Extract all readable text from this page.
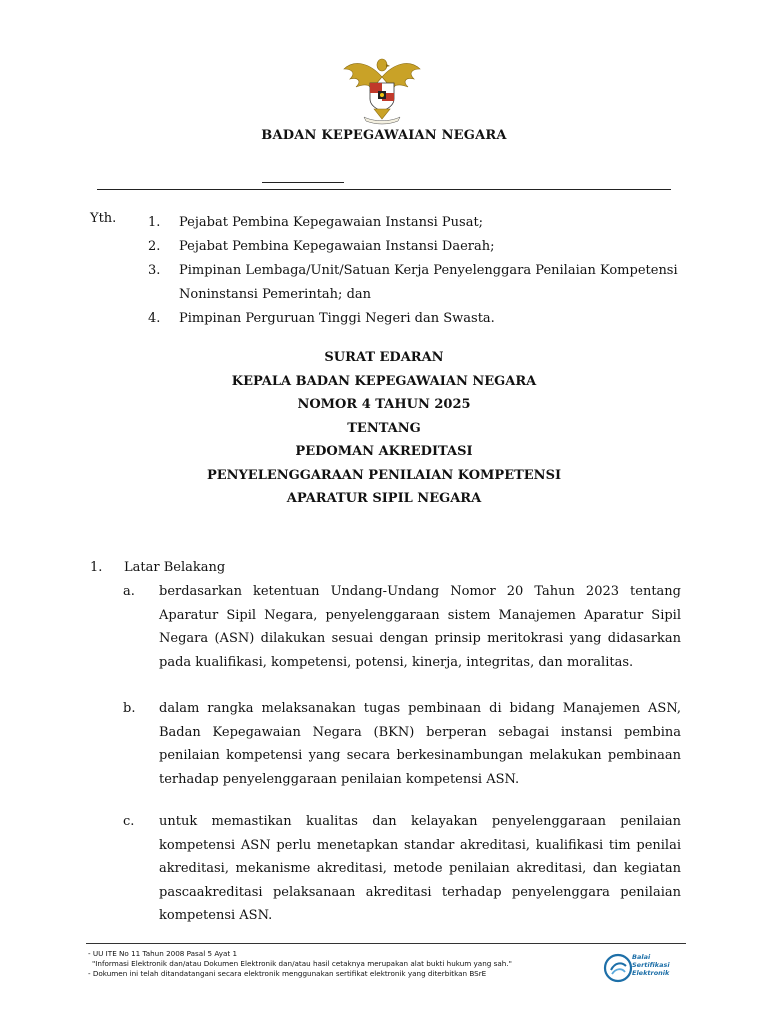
BADAN KEPEGAWAIAN NEGARA
Yth. 1. Pejabat Pembina Kepegawaian Instansi Pusat;
2. Pejabat Pembina Kepegawaian Instansi Daerah;
3. Pimpinan Lembaga/Unit/Satuan Kerja Penyelenggara Penilaian Kompetensi Noninstansi Pemerintah; dan
4. Pimpinan Perguruan Tinggi Negeri dan Swasta.
SURAT EDARAN
KEPALA BADAN KEPEGAWAIAN NEGARA
NOMOR 4 TAHUN 2025
TENTANG
PEDOMAN AKREDITASI
PENYELENGGARAAN PENILAIAN KOMPETENSI
APARATUR SIPIL NEGARA
1. Latar Belakang
a. berdasarkan ketentuan Undang-Undang Nomor 20 Tahun 2023 tentang Aparatur Sipil Negara, penyelenggaraan sistem Manajemen Aparatur Sipil Negara (ASN) dilakukan sesuai dengan prinsip meritokrasi yang didasarkan pada kualifikasi, kompetensi, potensi, kinerja, integritas, dan moralitas.
b. dalam rangka melaksanakan tugas pembinaan di bidang Manajemen ASN, Badan Kepegawaian Negara (BKN) berperan sebagai instansi pembina penilaian kompetensi yang secara berkesinambungan melakukan pembinaan terhadap penyelenggaraan penilaian kompetensi ASN.
c. untuk memastikan kualitas dan kelayakan penyelenggaraan penilaian kompetensi ASN perlu menetapkan standar akreditasi, kualifikasi tim penilai akreditasi, mekanisme akreditasi, metode penilaian akreditasi, dan kegiatan pascaakreditasi pelaksanaan akreditasi terhadap penyelenggara penilaian kompetensi ASN.
- UU ITE No 11 Tahun 2008 Pasal 5 Ayat 1
"Informasi Elektronik dan/atau Dokumen Elektronik dan/atau hasil cetaknya merupakan alat bukti hukum yang sah."
- Dokumen ini telah ditandatangani secara elektronik menggunakan sertifikat elektronik yang diterbitkan BSrE
Balai
Sertifikasi
Elektronik
